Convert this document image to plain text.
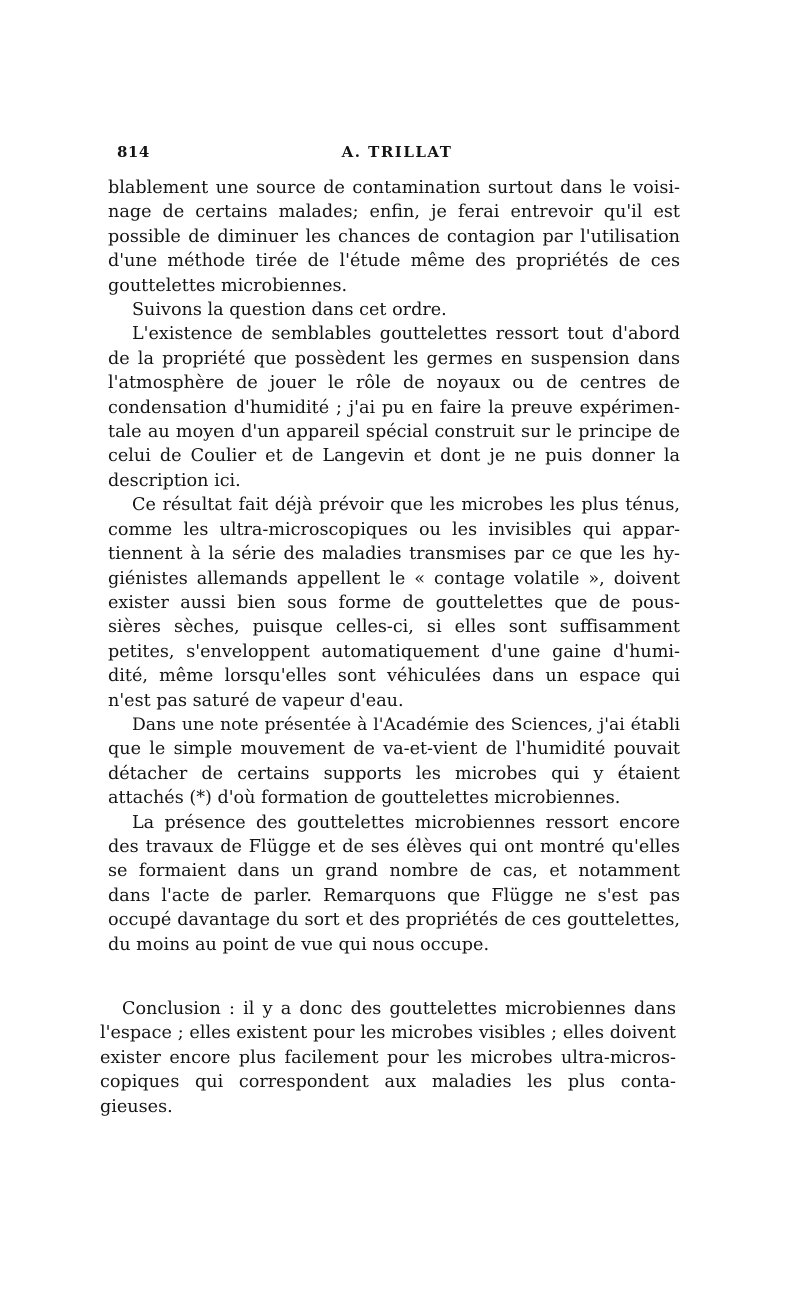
814	A. TRILLAT

blablement une source de contamination surtout dans le voisi-
nage de certains malades; enfin, je ferai entrevoir qu'il est
possible de diminuer les chances de contagion par l'utilisation
d'une méthode tirée de l'étude même des propriétés de ces
gouttelettes microbiennes.

Suivons la question dans cet ordre.

L'existence de semblables gouttelettes ressort tout d'abord
de la propriété que possèdent les germes en suspension dans
l'atmosphère de jouer le rôle de noyaux ou de centres de
condensation d'humidité ; j'ai pu en faire la preuve expérimen-
tale au moyen d'un appareil spécial construit sur le principe de
celui de Coulier et de Langevin et dont je ne puis donner la
description ici.

Ce résultat fait déjà prévoir que les microbes les plus ténus,
comme les ultra-microscopiques ou les invisibles qui appar-
tiennent à la série des maladies transmises par ce que les hy-
giénistes allemands appellent le « contage volatile », doivent
exister aussi bien sous forme de gouttelettes que de pous-
sières sèches, puisque celles-ci, si elles sont suffisamment
petites, s'enveloppent automatiquement d'une gaine d'humi-
dité, même lorsqu'elles sont véhiculées dans un espace qui
n'est pas saturé de vapeur d'eau.

Dans une note présentée à l'Académie des Sciences, j'ai établi
que le simple mouvement de va-et-vient de l'humidité pouvait
détacher de certains supports les microbes qui y étaient
attachés (*) d'où formation de gouttelettes microbiennes.

La présence des gouttelettes microbiennes ressort encore
des travaux de Flügge et de ses élèves qui ont montré qu'elles
se formaient dans un grand nombre de cas, et notamment
dans l'acte de parler. Remarquons que Flügge ne s'est pas
occupé davantage du sort et des propriétés de ces gouttelettes,
du moins au point de vue qui nous occupe.

Conclusion : il y a donc des gouttelettes microbiennes dans
l'espace ; elles existent pour les microbes visibles ; elles doivent
exister encore plus facilement pour les microbes ultra-micros-
copiques qui correspondent aux maladies les plus conta-
gieuses.
